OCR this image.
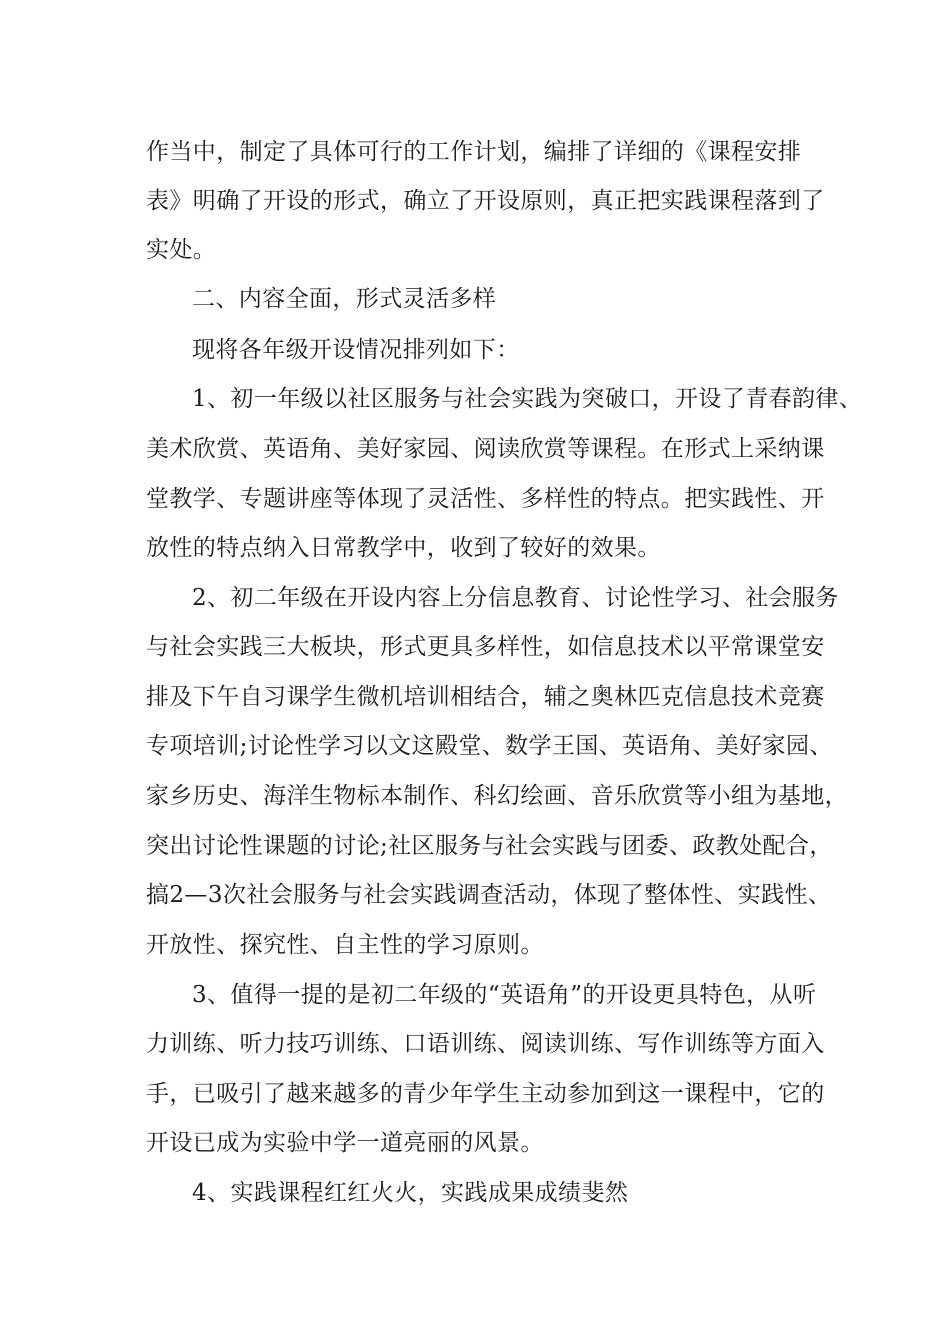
作当中，制定了具体可行的工作计划，编排了详细的《课程安排
表》明确了开设的形式，确立了开设原则，真正把实践课程落到了
实处。
二、内容全面，形式灵活多样
现将各年级开设情况排列如下：
1、初一年级以社区服务与社会实践为突破口，开设了青春韵律、
美术欣赏、英语角、美好家园、阅读欣赏等课程。在形式上采纳课
堂教学、专题讲座等体现了灵活性、多样性的特点。把实践性、开
放性的特点纳入日常教学中，收到了较好的效果。
2、初二年级在开设内容上分信息教育、讨论性学习、社会服务
与社会实践三大板块，形式更具多样性，如信息技术以平常课堂安
排及下午自习课学生微机培训相结合，辅之奥林匹克信息技术竞赛
专项培训;讨论性学习以文这殿堂、数学王国、英语角、美好家园、
家乡历史、海洋生物标本制作、科幻绘画、音乐欣赏等小组为基地，
突出讨论性课题的讨论;社区服务与社会实践与团委、政教处配合，
搞2—3次社会服务与社会实践调查活动，体现了整体性、实践性、
开放性、探究性、自主性的学习原则。
3、值得一提的是初二年级的“英语角”的开设更具特色，从听
力训练、听力技巧训练、口语训练、阅读训练、写作训练等方面入
手，已吸引了越来越多的青少年学生主动参加到这一课程中，它的
开设已成为实验中学一道亮丽的风景。
4、实践课程红红火火，实践成果成绩斐然
